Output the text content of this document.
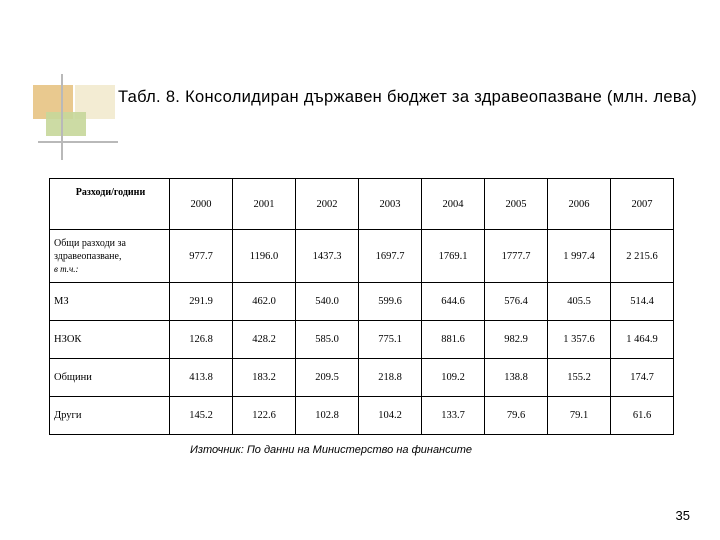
Табл. 8. Консолидиран държавен бюджет за здравеопазване (млн. лева)
Разходи/години	2000	2001	2002	2003	2004	2005	2006	2007
Общи разходи за здравеопазване,
в т.ч.:	977.7	1196.0	1437.3	1697.7	1769.1	1777.7	1 997.4	2 215.6
МЗ	291.9	462.0	540.0	599.6	644.6	576.4	405.5	514.4
НЗОК	126.8	428.2	585.0	775.1	881.6	982.9	1 357.6	1 464.9
Общини	413.8	183.2	209.5	218.8	109.2	138.8	155.2	174.7
Други	145.2	122.6	102.8	104.2	133.7	79.6	79.1	61.6
Източник: По данни на Министерство на финансите
35
